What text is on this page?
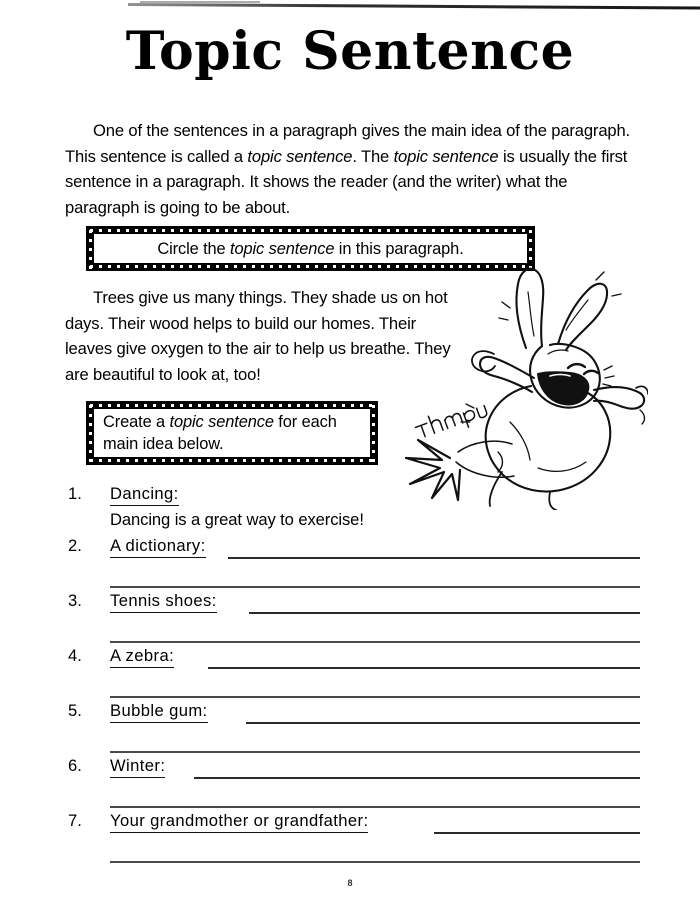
Topic Sentence
One of the sentences in a paragraph gives the main idea of the paragraph. This sentence is called a topic sentence. The topic sentence is usually the first sentence in a paragraph. It shows the reader (and the writer) what the paragraph is going to be about.
Circle the topic sentence in this paragraph.
Trees give us many things. They shade us on hot days. Their wood helps to build our homes. Their leaves give oxygen to the air to help us breathe. They are beautiful to look at, too!
Create a topic sentence for each main idea below.
1.	Dancing:
Dancing is a great way to exercise!
2.	A dictionary:
3.	Tennis shoes:
4.	A zebra:
5.	Bubble gum:
6.	Winter:
7.	Your grandmother or grandfather:
8
